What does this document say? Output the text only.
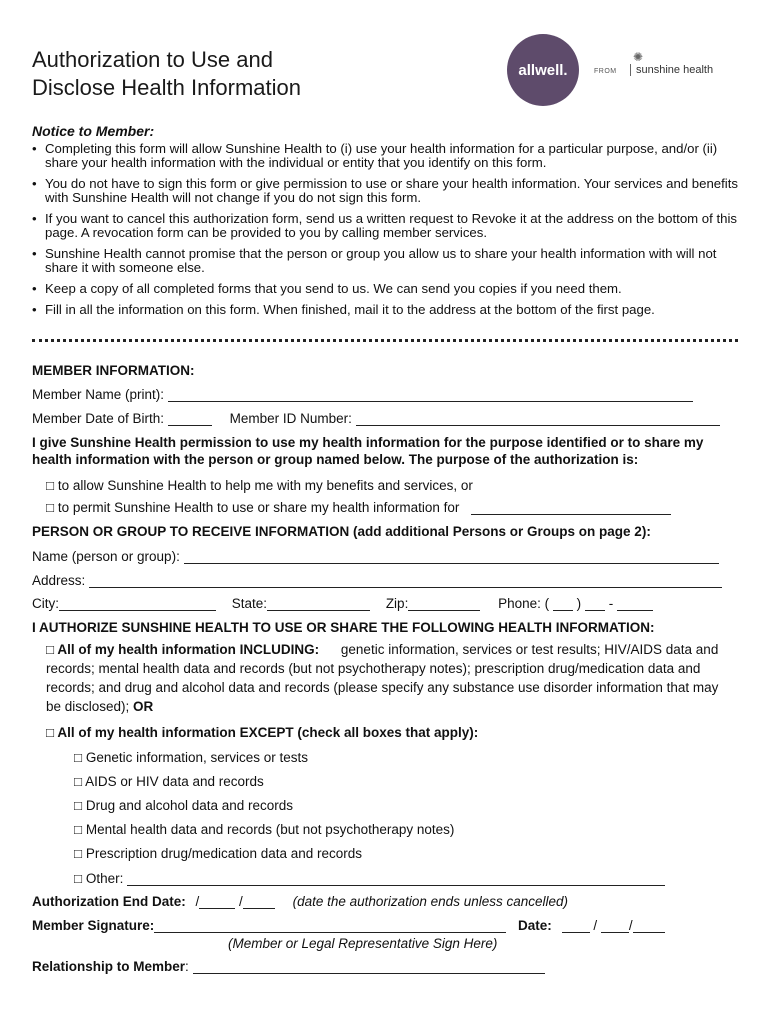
Authorization to Use and
Disclose Health Information
allwell.
✺
FROM	sunshine health
Notice to Member:
• Completing this form will allow Sunshine Health to (i) use your health information for a particular purpose, and/or (ii) share your health information with the individual or entity that you identify on this form.
• You do not have to sign this form or give permission to use or share your health information. Your services and benefits with Sunshine Health will not change if you do not sign this form.
• If you want to cancel this authorization form, send us a written request to Revoke it at the address on the bottom of this page. A revocation form can be provided to you by calling member services.
• Sunshine Health cannot promise that the person or group you allow us to share your health information with will not share it with someone else.
• Keep a copy of all completed forms that you send to us. We can send you copies if you need them.
• Fill in all the information on this form. When finished, mail it to the address at the bottom of the first page.
MEMBER INFORMATION:
Member Name (print):
Member Date of Birth:	Member ID Number:
I give Sunshine Health permission to use my health information for the purpose identified or to share my health information with the person or group named below. The purpose of the authorization is:
□ to allow Sunshine Health to help me with my benefits and services, or
□ to permit Sunshine Health to use or share my health information for
PERSON OR GROUP TO RECEIVE INFORMATION (add additional Persons or Groups on page 2):
Name (person or group):
Address:
City:	State:	Zip:	Phone: ( ) -
I AUTHORIZE SUNSHINE HEALTH TO USE OR SHARE THE FOLLOWING HEALTH INFORMATION:
□ All of my health information INCLUDING: genetic information, services or test results; HIV/AIDS data and records; mental health data and records (but not psychotherapy notes); prescription drug/medication data and records; and drug and alcohol data and records (please specify any substance use disorder information that may be disclosed); OR
□ All of my health information EXCEPT (check all boxes that apply):
□ Genetic information, services or tests
□ AIDS or HIV data and records
□ Drug and alcohol data and records
□ Mental health data and records (but not psychotherapy notes)
□ Prescription drug/medication data and records
□ Other:
Authorization End Date: /	/	(date the authorization ends unless cancelled)
Member Signature:	Date:	/ /
(Member or Legal Representative Sign Here)
Relationship to Member:
